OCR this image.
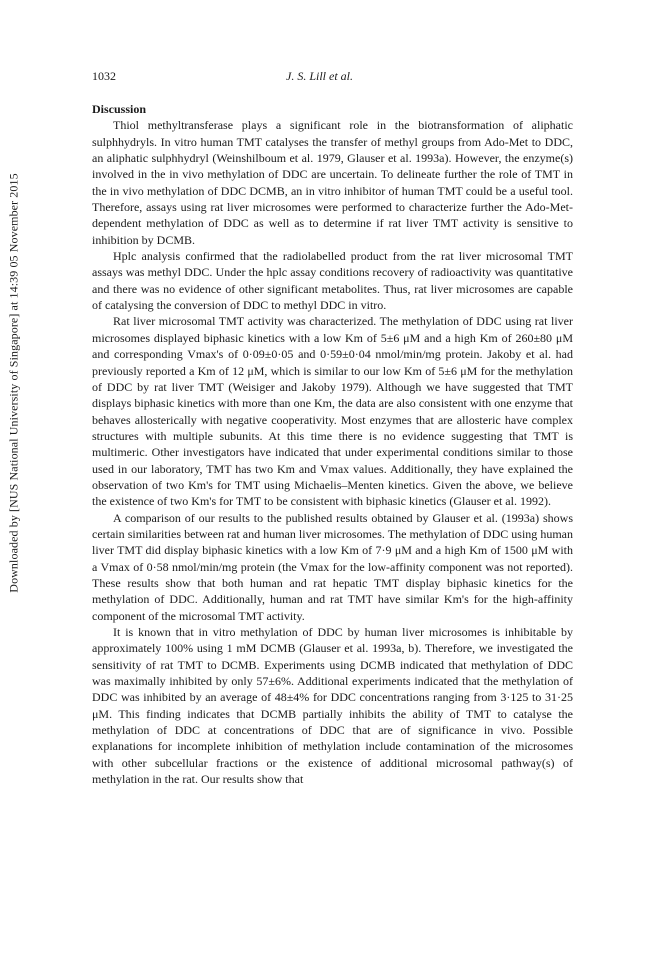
Downloaded by [NUS National University of Singapore] at 14:39 05 November 2015
1032	J. S. Lill et al.

Discussion

Thiol methyltransferase plays a significant role in the biotransformation of aliphatic sulphhydryls. In vitro human TMT catalyses the transfer of methyl groups from Ado-Met to DDC, an aliphatic sulphhydryl (Weinshilboum et al. 1979, Glauser et al. 1993a). However, the enzyme(s) involved in the in vivo methylation of DDC are uncertain. To delineate further the role of TMT in the in vivo methylation of DDC DCMB, an in vitro inhibitor of human TMT could be a useful tool. Therefore, assays using rat liver microsomes were performed to characterize further the Ado-Met-dependent methylation of DDC as well as to determine if rat liver TMT activity is sensitive to inhibition by DCMB.

Hplc analysis confirmed that the radiolabelled product from the rat liver microsomal TMT assays was methyl DDC. Under the hplc assay conditions recovery of radioactivity was quantitative and there was no evidence of other significant metabolites. Thus, rat liver microsomes are capable of catalysing the conversion of DDC to methyl DDC in vitro.

Rat liver microsomal TMT activity was characterized. The methylation of DDC using rat liver microsomes displayed biphasic kinetics with a low Km of 5±6 μM and a high Km of 260±80 μM and corresponding Vmax's of 0·09±0·05 and 0·59±0·04 nmol/min/mg protein. Jakoby et al. had previously reported a Km of 12 μM, which is similar to our low Km of 5±6 μM for the methylation of DDC by rat liver TMT (Weisiger and Jakoby 1979). Although we have suggested that TMT displays biphasic kinetics with more than one Km, the data are also consistent with one enzyme that behaves allosterically with negative cooperativity. Most enzymes that are allosteric have complex structures with multiple subunits. At this time there is no evidence suggesting that TMT is multimeric. Other investigators have indicated that under experimental conditions similar to those used in our laboratory, TMT has two Km and Vmax values. Additionally, they have explained the observation of two Km's for TMT using Michaelis–Menten kinetics. Given the above, we believe the existence of two Km's for TMT to be consistent with biphasic kinetics (Glauser et al. 1992).

A comparison of our results to the published results obtained by Glauser et al. (1993a) shows certain similarities between rat and human liver microsomes. The methylation of DDC using human liver TMT did display biphasic kinetics with a low Km of 7·9 μM and a high Km of 1500 μM with a Vmax of 0·58 nmol/min/mg protein (the Vmax for the low-affinity component was not reported). These results show that both human and rat hepatic TMT display biphasic kinetics for the methylation of DDC. Additionally, human and rat TMT have similar Km's for the high-affinity component of the microsomal TMT activity.

It is known that in vitro methylation of DDC by human liver microsomes is inhibitable by approximately 100% using 1 mM DCMB (Glauser et al. 1993a, b). Therefore, we investigated the sensitivity of rat TMT to DCMB. Experiments using DCMB indicated that methylation of DDC was maximally inhibited by only 57±6%. Additional experiments indicated that the methylation of DDC was inhibited by an average of 48±4% for DDC concentrations ranging from 3·125 to 31·25 μM. This finding indicates that DCMB partially inhibits the ability of TMT to catalyse the methylation of DDC at concentrations of DDC that are of significance in vivo. Possible explanations for incomplete inhibition of methylation include contamination of the microsomes with other subcellular fractions or the existence of additional microsomal pathway(s) of methylation in the rat. Our results show that
